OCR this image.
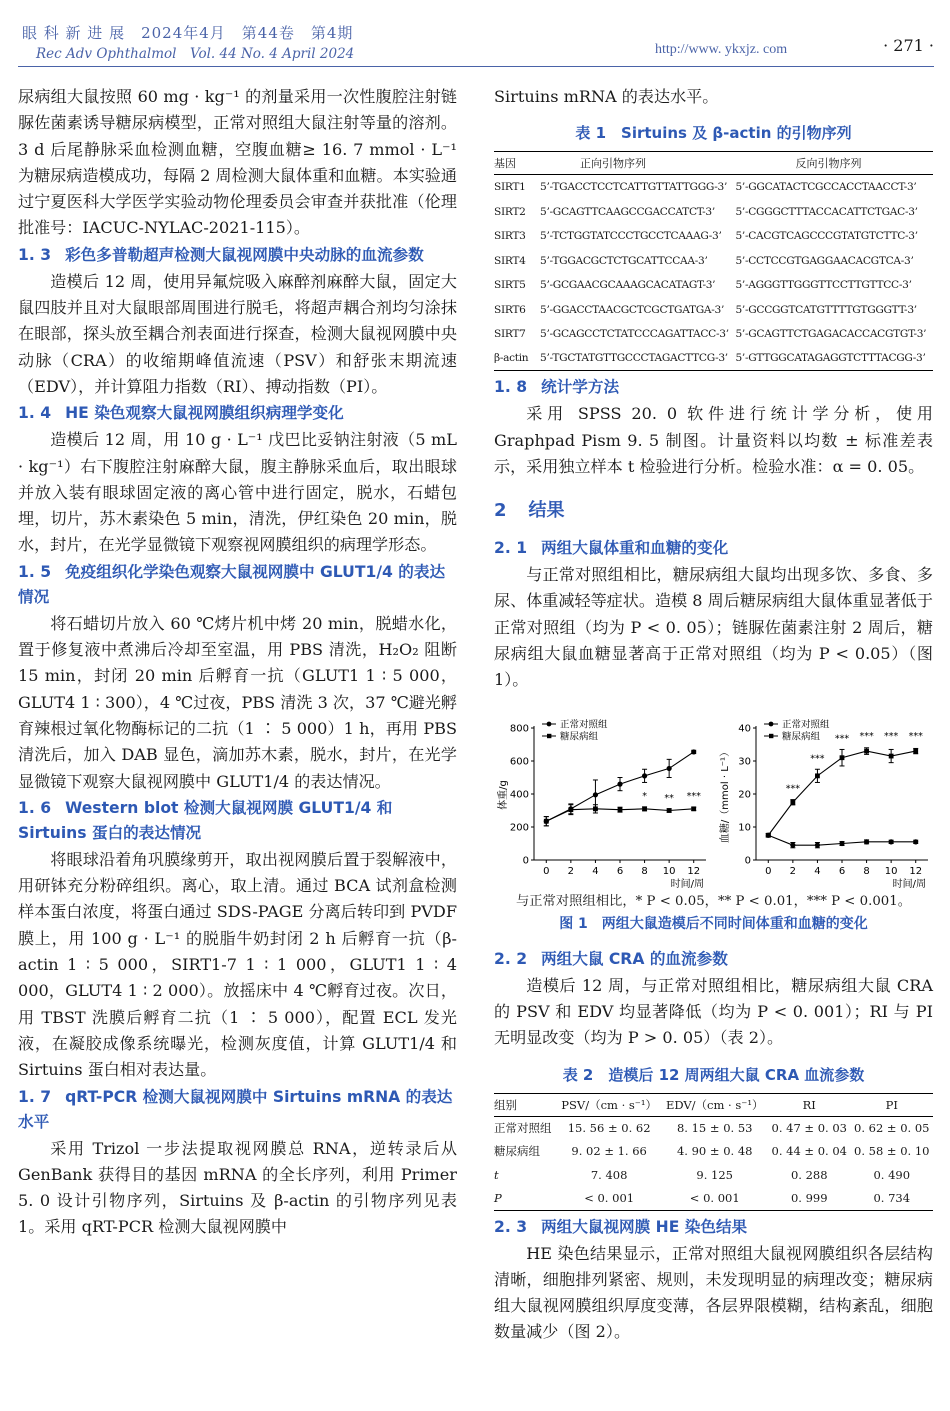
眼 科 新 进 展　2024年4月　第44卷　第4期
Rec Adv Ophthalmol　Vol. 44 No. 4 April 2024	http://www. ykxjz. com	· 271 ·

尿病组大鼠按照 60 mg · kg⁻¹ 的剂量采用一次性腹腔注射链脲佐菌素诱导糖尿病模型，正常对照组大鼠注射等量的溶剂。3 d 后尾静脉采血检测血糖，空腹血糖≥ 16. 7 mmol · L⁻¹ 为糖尿病造模成功，每隔 2 周检测大鼠体重和血糖。本实验通过宁夏医科大学医学实验动物伦理委员会审查并获批准（伦理批准号：IACUC-NYLAC-2021-115）。

1. 3 彩色多普勒超声检测大鼠视网膜中央动脉的血流参数

造模后 12 周，使用异氟烷吸入麻醉剂麻醉大鼠，固定大鼠四肢并且对大鼠眼部周围进行脱毛，将超声耦合剂均匀涂抹在眼部，探头放至耦合剂表面进行探查，检测大鼠视网膜中央动脉（CRA）的收缩期峰值流速（PSV）和舒张末期流速（EDV），并计算阻力指数（RI）、搏动指数（PI）。

1. 4 HE 染色观察大鼠视网膜组织病理学变化

造模后 12 周，用 10 g · L⁻¹ 戊巴比妥钠注射液（5 mL · kg⁻¹）右下腹腔注射麻醉大鼠，腹主静脉采血后，取出眼球并放入装有眼球固定液的离心管中进行固定，脱水，石蜡包埋，切片，苏木素染色 5 min，清洗，伊红染色 20 min，脱水，封片，在光学显微镜下观察视网膜组织的病理学形态。

1. 5 免疫组织化学染色观察大鼠视网膜中 GLUT1/4 的表达情况

将石蜡切片放入 60 ℃烤片机中烤 20 min，脱蜡水化，置于修复液中煮沸后冷却至室温，用 PBS 清洗，H₂O₂ 阻断 15 min，封闭 20 min 后孵育一抗（GLUT1 1 ∶ 5 000，GLUT4 1 ∶ 300），4 ℃过夜，PBS 清洗 3 次，37 ℃避光孵育辣根过氧化物酶标记的二抗（1 ∶ 5 000）1 h，再用 PBS 清洗后，加入 DAB 显色，滴加苏木素，脱水，封片，在光学显微镜下观察大鼠视网膜中 GLUT1/4 的表达情况。

1. 6 Western blot 检测大鼠视网膜 GLUT1/4 和 Sirtuins 蛋白的表达情况

将眼球沿着角巩膜缘剪开，取出视网膜后置于裂解液中，用研钵充分粉碎组织。离心，取上清。通过 BCA 试剂盒检测样本蛋白浓度，将蛋白通过 SDS-PAGE 分离后转印到 PVDF 膜上，用 100 g · L⁻¹ 的脱脂牛奶封闭 2 h 后孵育一抗（β-actin 1 ∶ 5 000，SIRT1-7 1 ∶ 1 000，GLUT1 1 ∶ 4 000，GLUT4 1 ∶ 2 000）。放摇床中 4 ℃孵育过夜。次日，用 TBST 洗膜后孵育二抗（1 ∶ 5 000），配置 ECL 发光液，在凝胶成像系统曝光，检测灰度值，计算 GLUT1/4 和 Sirtuins 蛋白相对表达量。

1. 7 qRT-PCR 检测大鼠视网膜中 Sirtuins mRNA 的表达水平

采用 Trizol 一步法提取视网膜总 RNA，逆转录后从 GenBank 获得目的基因 mRNA 的全长序列，利用 Primer 5. 0 设计引物序列，Sirtuins 及 β-actin 的引物序列见表 1。采用 qRT-PCR 检测大鼠视网膜中

Sirtuins mRNA 的表达水平。

表 1　Sirtuins 及 β-actin 的引物序列
基因	正向引物序列	反向引物序列
SIRT1	5’-TGACCTCCTCATTGTTATTGGG-3’	5’-GGCATACTCGCCACCTAACCT-3’
SIRT2	5’-GCAGTTCAAGCCGACCATCT-3’	5’-CGGGCTTTACCACATTCTGAC-3’
SIRT3	5’-TCTGGTATCCCTGCCTCAAAG-3’	5’-CACGTCAGCCCGTATGTCTTC-3’
SIRT4	5’-TGGACGCTCTGCATTCCAA-3’	5’-CCTCCGTGAGGAACACGTCA-3’
SIRT5	5’-GCGAACGCAAAGCACATAGT-3’	5’-AGGGTTGGGTTCCTTGTTCC-3’
SIRT6	5’-GGACCTAACGCTCGCTGATGA-3’	5’-GCCGGTCATGTTTTGTGGGTT-3’
SIRT7	5’-GCAGCCTCTATCCCAGATTACC-3’	5’-GCAGTTCTGAGACACCACGTGT-3’
β-actin	5’-TGCTATGTTGCCCTAGACTTCG-3’	5’-GTTGGCATAGAGGTCTTTACGG-3’
1. 8 统计学方法

采用 SPSS 20. 0 软件进行统计学分析，使用 Graphpad Pism 9. 5 制图。计量资料以均数 ± 标准差表示，采用独立样本 t 检验进行分析。检验水准：α = 0. 05。

2 结果
2. 1 两组大鼠体重和血糖的变化

与正常对照组相比，糖尿病组大鼠均出现多饮、多食、多尿、体重减轻等症状。造模 8 周后糖尿病组大鼠体重显著低于正常对照组（均为 P < 0. 05）；链脲佐菌素注射 2 周后，糖尿病组大鼠血糖显著高于正常对照组（均为 P < 0.05）（图 1）。

0
200
400
600
800
0 2 4 6 8 10 12
时间/周
体重/g	* ** ***
正常对照组
糖尿病组
0
10
20
30
40
0 2 4 6 8 10 12
时间/周
血糖/（mmol · L⁻¹）	***
***
*** *** *** ***
正常对照组
糖尿病组
与正常对照组相比，* P < 0.05，** P < 0.01，*** P < 0.001。
图 1　两组大鼠造模后不同时间体重和血糖的变化
2. 2 两组大鼠 CRA 的血流参数

造模后 12 周，与正常对照组相比，糖尿病组大鼠 CRA 的 PSV 和 EDV 均显著降低（均为 P < 0. 001）；RI 与 PI 无明显改变（均为 P > 0. 05）（表 2）。

表 2　造模后 12 周两组大鼠 CRA 血流参数
组别	PSV/（cm · s⁻¹）	EDV/（cm · s⁻¹）	RI	PI
正常对照组	15. 56 ± 0. 62	8. 15 ± 0. 53	0. 47 ± 0. 03	0. 62 ± 0. 05
糖尿病组	9. 02 ± 1. 66	4. 90 ± 0. 48	0. 44 ± 0. 04	0. 58 ± 0. 10
t	7. 408	9. 125	0. 288	0. 490
P	< 0. 001	< 0. 001	0. 999	0. 734
2. 3 两组大鼠视网膜 HE 染色结果

HE 染色结果显示，正常对照组大鼠视网膜组织各层结构清晰，细胞排列紧密、规则，未发现明显的病理改变；糖尿病组大鼠视网膜组织厚度变薄，各层界限模糊，结构紊乱，细胞数量减少（图 2）。
